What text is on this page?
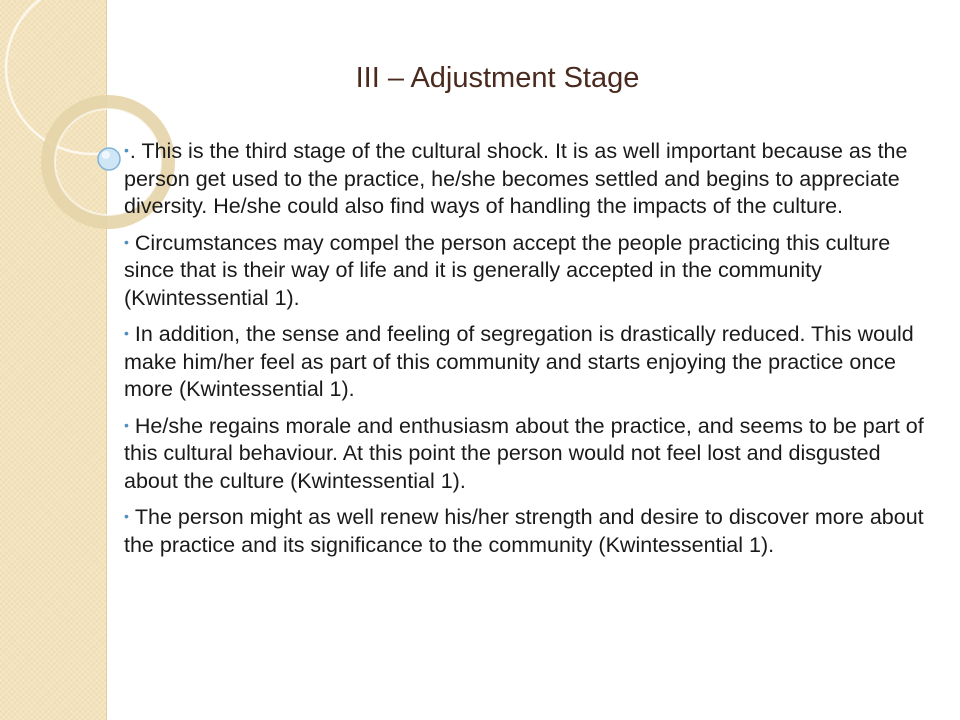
III – Adjustment Stage
•. This is the third stage of the cultural shock. It is as well important because as the person get used to the practice, he/she becomes settled and begins to appreciate diversity. He/she could also find ways of handling the impacts of the culture.
• Circumstances may compel the person accept the people practicing this culture since that is their way of life and it is generally accepted in the community (Kwintessential 1).
• In addition, the sense and feeling of segregation is drastically reduced. This would make him/her feel as part of this community and starts enjoying the practice once more (Kwintessential 1).
• He/she regains morale and enthusiasm about the practice, and seems to be part of this cultural behaviour. At this point the person would not feel lost and disgusted about the culture (Kwintessential 1).
• The person might as well renew his/her strength and desire to discover more about the practice and its significance to the community (Kwintessential 1).
